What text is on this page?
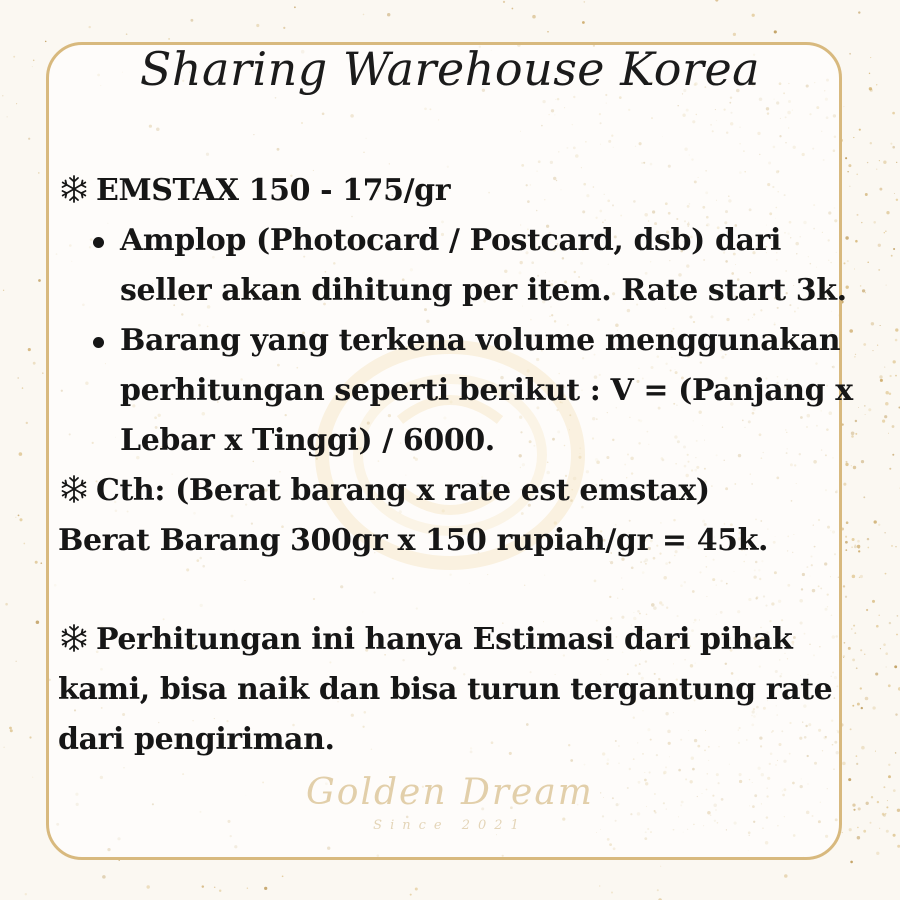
Sharing Warehouse Korea
EMSTAX 150 - 175/gr
Amplop (Photocard / Postcard, dsb) dari
seller akan dihitung per item. Rate start 3k.
Barang yang terkena volume menggunakan
perhitungan seperti berikut : V = (Panjang x
Lebar x Tinggi) / 6000.
Cth: (Berat barang x rate est emstax)
Berat Barang 300gr x 150 rupiah/gr = 45k.
Perhitungan ini hanya Estimasi dari pihak
kami, bisa naik dan bisa turun tergantung rate
dari pengiriman.
Golden Dream
Since 2021
